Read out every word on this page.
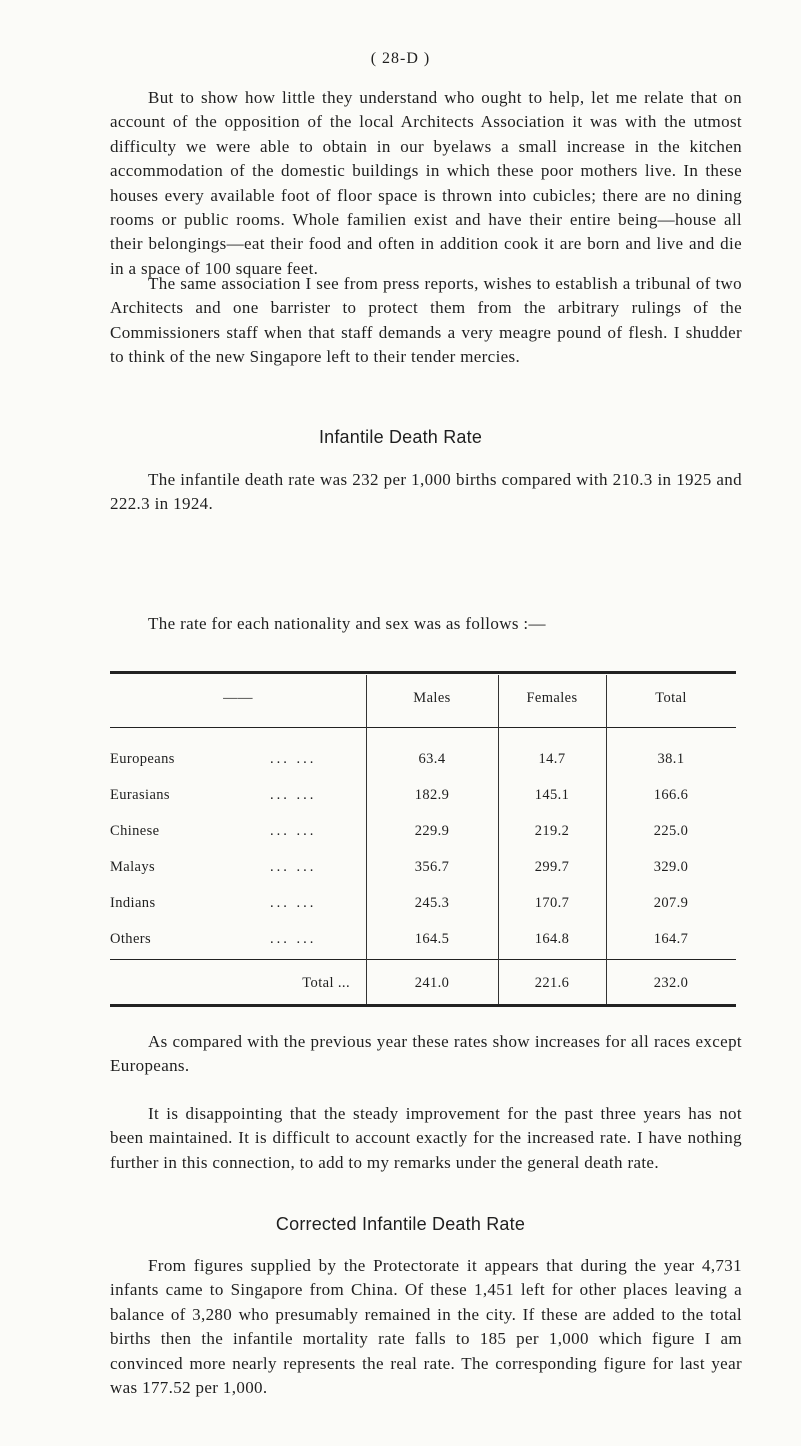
( 28-D )

But to show how little they understand who ought to help, let me relate that on account of the opposition of the local Architects Association it was with the utmost difficulty we were able to obtain in our byelaws a small increase in the kitchen accommodation of the domestic buildings in which these poor mothers live. In these houses every available foot of floor space is thrown into cubicles; there are no dining rooms or public rooms. Whole familien exist and have their entire being—house all their belongings—eat their food and often in addition cook it are born and live and die in a space of 100 square feet.

The same association I see from press reports, wishes to establish a tribunal of two Architects and one barrister to protect them from the arbitrary rulings of the Commissioners staff when that staff demands a very meagre pound of flesh. I shudder to think of the new Singapore left to their tender mercies.

Infantile Death Rate

The infantile death rate was 232 per 1,000 births compared with 210.3 in 1925 and 222.3 in 1924.

The rate for each nationality and sex was as follows :—

——	Males	Females	Total
Europeans	... ...	63.4	14.7	38.1
Eurasians	... ...	182.9	145.1	166.6
Chinese	... ...	229.9	219.2	225.0
Malays	... ...	356.7	299.7	329.0
Indians	... ...	245.3	170.7	207.9
Others	... ...	164.5	164.8	164.7
Total ...	241.0	221.6	232.0

As compared with the previous year these rates show increases for all races except Europeans.

It is disappointing that the steady improvement for the past three years has not been maintained. It is difficult to account exactly for the increased rate. I have nothing further in this connection, to add to my remarks under the general death rate.

Corrected Infantile Death Rate

From figures supplied by the Protectorate it appears that during the year 4,731 infants came to Singapore from China. Of these 1,451 left for other places leaving a balance of 3,280 who presumably remained in the city. If these are added to the total births then the infantile mortality rate falls to 185 per 1,000 which figure I am convinced more nearly represents the real rate. The corresponding figure for last year was 177.52 per 1,000.
